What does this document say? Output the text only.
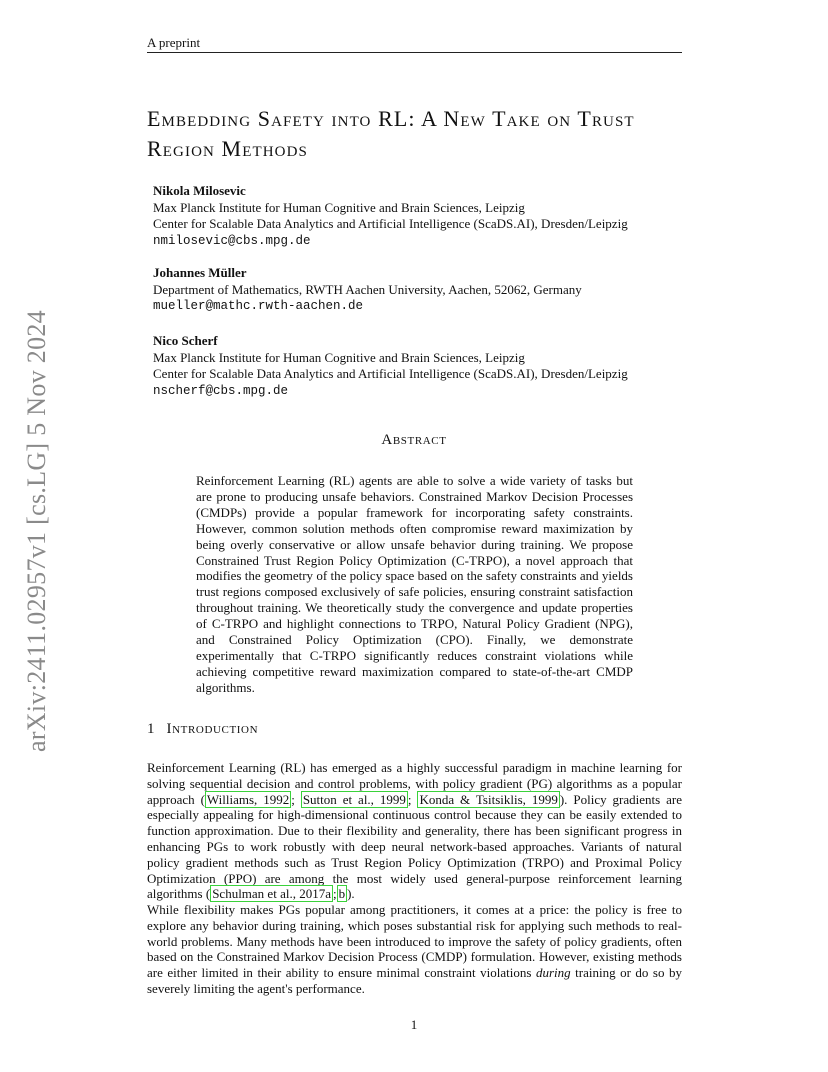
A preprint
arXiv:2411.02957v1 [cs.LG] 5 Nov 2024
Embedding Safety into RL: A New Take on Trust Region Methods
Nikola Milosevic
Max Planck Institute for Human Cognitive and Brain Sciences, Leipzig
Center for Scalable Data Analytics and Artificial Intelligence (ScaDS.AI), Dresden/Leipzig
nmilosevic@cbs.mpg.de
Johannes Müller
Department of Mathematics, RWTH Aachen University, Aachen, 52062, Germany
mueller@mathc.rwth-aachen.de
Nico Scherf
Max Planck Institute for Human Cognitive and Brain Sciences, Leipzig
Center for Scalable Data Analytics and Artificial Intelligence (ScaDS.AI), Dresden/Leipzig
nscherf@cbs.mpg.de
Abstract

Reinforcement Learning (RL) agents are able to solve a wide variety of tasks but are prone to producing unsafe behaviors. Constrained Markov Decision Processes (CMDPs) provide a popular framework for incorporating safety constraints. However, common solution methods often compromise reward maximization by being overly conservative or allow unsafe behavior during training. We propose Constrained Trust Region Policy Optimization (C-TRPO), a novel approach that modifies the geometry of the policy space based on the safety constraints and yields trust regions composed exclusively of safe policies, ensuring constraint satisfaction throughout training. We theoretically study the convergence and update properties of C-TRPO and highlight connections to TRPO, Natural Policy Gradient (NPG), and Constrained Policy Optimization (CPO). Finally, we demonstrate experimentally that C-TRPO significantly reduces constraint violations while achieving competitive reward maximization compared to state-of-the-art CMDP algorithms.

1 Introduction

Reinforcement Learning (RL) has emerged as a highly successful paradigm in machine learning for solving sequential decision and control problems, with policy gradient (PG) algorithms as a popular approach ( Williams, 1992 ; Sutton et al., 1999 ; Konda & Tsitsiklis, 1999 ). Policy gradients are especially appealing for high-dimensional continuous control because they can be easily extended to function approximation. Due to their flexibility and generality, there has been significant progress in enhancing PGs to work robustly with deep neural network-based approaches. Variants of natural policy gradient methods such as Trust Region Policy Optimization (TRPO) and Proximal Policy Optimization (PPO) are among the most widely used general-purpose reinforcement learning algorithms ( Schulman et al., 2017a ; b ).

While flexibility makes PGs popular among practitioners, it comes at a price: the policy is free to explore any behavior during training, which poses substantial risk for applying such methods to real-world problems. Many methods have been introduced to improve the safety of policy gradients, often based on the Constrained Markov Decision Process (CMDP) formulation. However, existing methods are either limited in their ability to ensure minimal constraint violations during training or do so by severely limiting the agent's performance.

1
